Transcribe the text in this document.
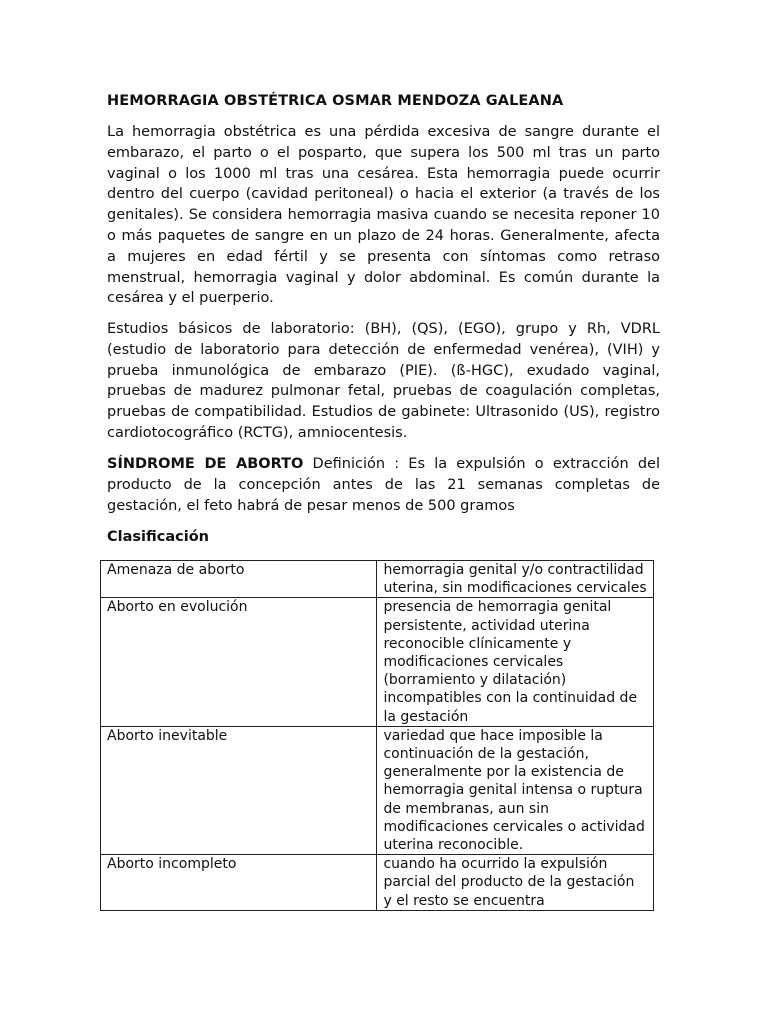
HEMORRAGIA OBSTÉTRICA OSMAR MENDOZA GALEANA

La hemorragia obstétrica es una pérdida excesiva de sangre durante el embarazo, el parto o el posparto, que supera los 500 ml tras un parto vaginal o los 1000 ml tras una cesárea. Esta hemorragia puede ocurrir dentro del cuerpo (cavidad peritoneal) o hacia el exterior (a través de los genitales). Se considera hemorragia masiva cuando se necesita reponer 10 o más paquetes de sangre en un plazo de 24 horas. Generalmente, afecta a mujeres en edad fértil y se presenta con síntomas como retraso menstrual, hemorragia vaginal y dolor abdominal. Es común durante la cesárea y el puerperio.

Estudios básicos de laboratorio: (BH), (QS), (EGO), grupo y Rh, VDRL (estudio de laboratorio para detección de enfermedad venérea), (VIH) y prueba inmunológica de embarazo (PIE). (ß-HGC), exudado vaginal, pruebas de madurez pulmonar fetal, pruebas de coagulación completas, pruebas de compatibilidad. Estudios de gabinete: Ultrasonido (US), registro cardiotocográfico (RCTG), amniocentesis.

SÍNDROME DE ABORTO Definición : Es la expulsión o extracción del producto de la concepción antes de las 21 semanas completas de gestación, el feto habrá de pesar menos de 500 gramos

Clasificación
Amenaza de aborto	hemorragia genital y/o contractilidad uterina, sin modificaciones cervicales
Aborto en evolución	presencia de hemorragia genital persistente, actividad uterina reconocible clínicamente y modificaciones cervicales (borramiento y dilatación) incompatibles con la continuidad de la gestación
Aborto inevitable	variedad que hace imposible la continuación de la gestación, generalmente por la existencia de hemorragia genital intensa o ruptura de membranas, aun sin modificaciones cervicales o actividad uterina reconocible.
Aborto incompleto	cuando ha ocurrido la expulsión parcial del producto de la gestación y el resto se encuentra
